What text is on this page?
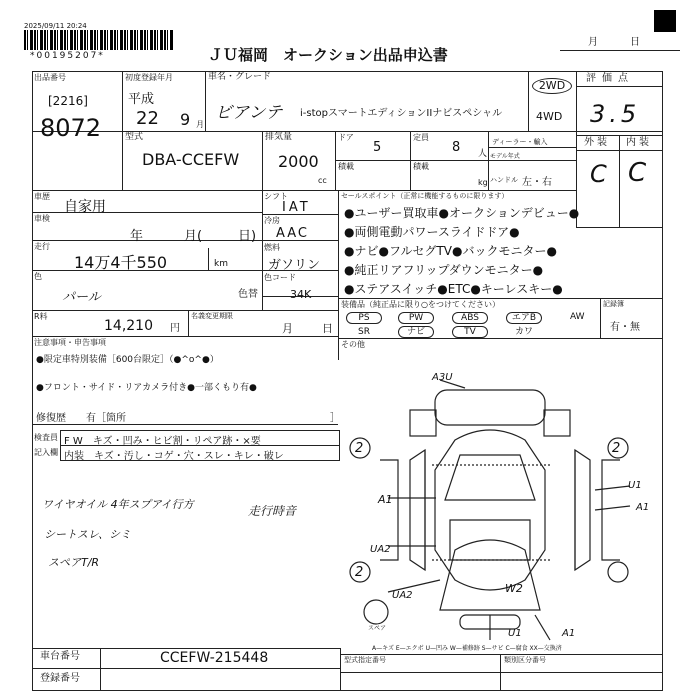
2025/09/11 20:24
*00195207*	ＪＵ福岡　オークション出品申込書
月	日
出品番号
[2216]
8072
初度登録年月
平成
22 9 月
車名・グレード
ビアンテ i-stopスマートエディションIIナビスペシャル
2WD
4WD
評価点
3.5
型式
DBA-CCEFW
排気量
2000
cc
ドア
5
定員
8 人
積載	積載
kg
ディーラー・輸入
モデル年式
ハンドル 左・右
外装 内装
C C
車歴
自家用
車検
年	月(	日)
走行
14万4千550	km
色
パール	色替
シフト
IAT
冷房
AAC
燃料
ガソリン
色コード
34K
セールスポイント（正常に機能するものに限ります）
●ユーザー買取車●オークションデビュー●
●両側電動パワースライドドア●
●ナビ●フルセグTV●バックモニター●
●純正リアフリップダウンモニター●
●ステアスイッチ●ETC●キーレスキー●
装備品（純正品に限り○をつけてください）
PS	PW	ABS	エアB	AW
SR	ナビ	TV	カワ
記録簿
有・無
その他
R料
14,210 円
名義変更期限
月	日
注意事項・申告事項
●限定車特別装備［600台限定］（●^o^●）
●フロント・サイド・リアカメラ付き●一部くもり有●
修復歴 有［箇所	］
検査員
記入欄
F W　キズ・凹み・ヒビ割・リペア跡・×要
内装　キズ・汚し・コゲ・穴・スレ・キレ・破レ
ワイヤオイル 4年スプアイ行方
シートスレ、シミ
スペアT/R
走行時音
A3U
2	2
A1
UA2
2
UA2
W2
U1
A1
U1	A1
スペア
A—キズ E—エクボ U—凹み W—補修跡 S—サビ C—腐食 XX—交換済
車台番号	CCEFW-215448
登録番号
型式指定番号	類別区分番号
